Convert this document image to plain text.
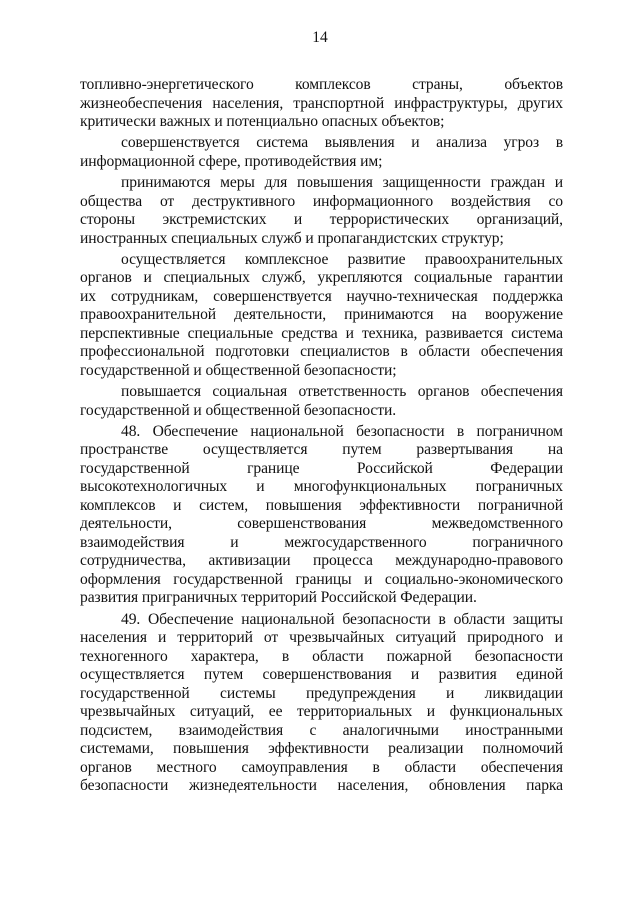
14
топливно-энергетического	комплексов	страны,	объектов
жизнеобеспечения населения, транспортной инфраструктуры, других
критически важных и потенциально опасных объектов;
совершенствуется система выявления и анализа угроз в
информационной сфере, противодействия им;
принимаются меры для повышения защищенности граждан и
общества от деструктивного информационного воздействия со
стороны экстремистских и террористических организаций,
иностранных специальных служб и пропагандистских структур;
осуществляется комплексное развитие правоохранительных
органов и специальных служб, укрепляются социальные гарантии
их сотрудникам, совершенствуется научно-техническая поддержка
правоохранительной деятельности, принимаются на вооружение
перспективные специальные средства и техника, развивается система
профессиональной подготовки специалистов в области обеспечения
государственной и общественной безопасности;
повышается социальная ответственность органов обеспечения
государственной и общественной безопасности.
48. Обеспечение национальной безопасности в пограничном
пространстве осуществляется путем развертывания на
государственной	границе	Российской	Федерации
высокотехнологичных и многофункциональных пограничных
комплексов и систем, повышения эффективности пограничной
деятельности,	совершенствования	межведомственного
взаимодействия	и	межгосударственного	пограничного
сотрудничества, активизации процесса международно-правового
оформления государственной границы и социально-экономического
развития приграничных территорий Российской Федерации.
49. Обеспечение национальной безопасности в области защиты
населения и территорий от чрезвычайных ситуаций природного и
техногенного характера, в области пожарной безопасности
осуществляется путем совершенствования и развития единой
государственной системы предупреждения и ликвидации
чрезвычайных ситуаций, ее территориальных и функциональных
подсистем, взаимодействия с аналогичными иностранными
системами, повышения эффективности реализации полномочий
органов местного самоуправления в области обеспечения
безопасности жизнедеятельности населения, обновления парка
